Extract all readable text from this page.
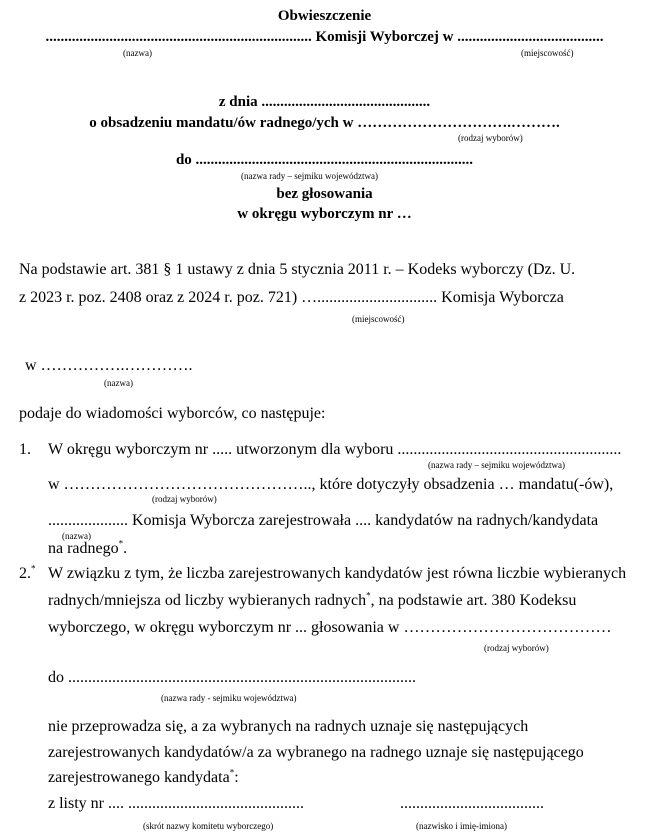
Obwieszczenie
....................................................................... Komisji Wyborczej w .......................................
(nazwa)	(miejscowość)
z dnia .............................................
o obsadzeniu mandatu/ów radnego/ych w ………………………….……….
(rodzaj wyborów)
do ..........................................................................
(nazwa rady – sejmiku województwa)
bez głosowania
w okręgu wyborczym nr …
Na podstawie art. 381 § 1 ustawy z dnia 5 stycznia 2011 r. – Kodeks wyborczy (Dz. U.
z 2023 r. poz. 2408 oraz z 2024 r. poz. 721) ….............................. Komisja Wyborcza
(miejscowość)
w …………….………….
(nazwa)
podaje do wiadomości wyborców, co następuje:
1. W okręgu wyborczym nr ..... utworzonym dla wyboru ........................................................
(nazwa rady – sejmiku województwa)
w ……………………………………….., które dotyczyły obsadzenia … mandatu(-ów),
(rodzaj wyborów)
.................... Komisja Wyborcza zarejestrowała .... kandydatów na radnych/kandydata
(nazwa)
na radnego*.
2.* W związku z tym, że liczba zarejestrowanych kandydatów jest równa liczbie wybieranych
radnych/mniejsza od liczby wybieranych radnych*, na podstawie art. 380 Kodeksu
wyborczego, w okręgu wyborczym nr ... głosowania w …………………………………
(rodzaj wyborów)
do .......................................................................................
(nazwa rady - sejmiku województwa)
nie przeprowadza się, a za wybranych na radnych uznaje się następujących
zarejestrowanych kandydatów/a za wybranego na radnego uznaje się następującego
zarejestrowanego kandydata*:
z listy nr .... ............................................	....................................
(skrót nazwy komitetu wyborczego)	(nazwisko i imię-imiona)
